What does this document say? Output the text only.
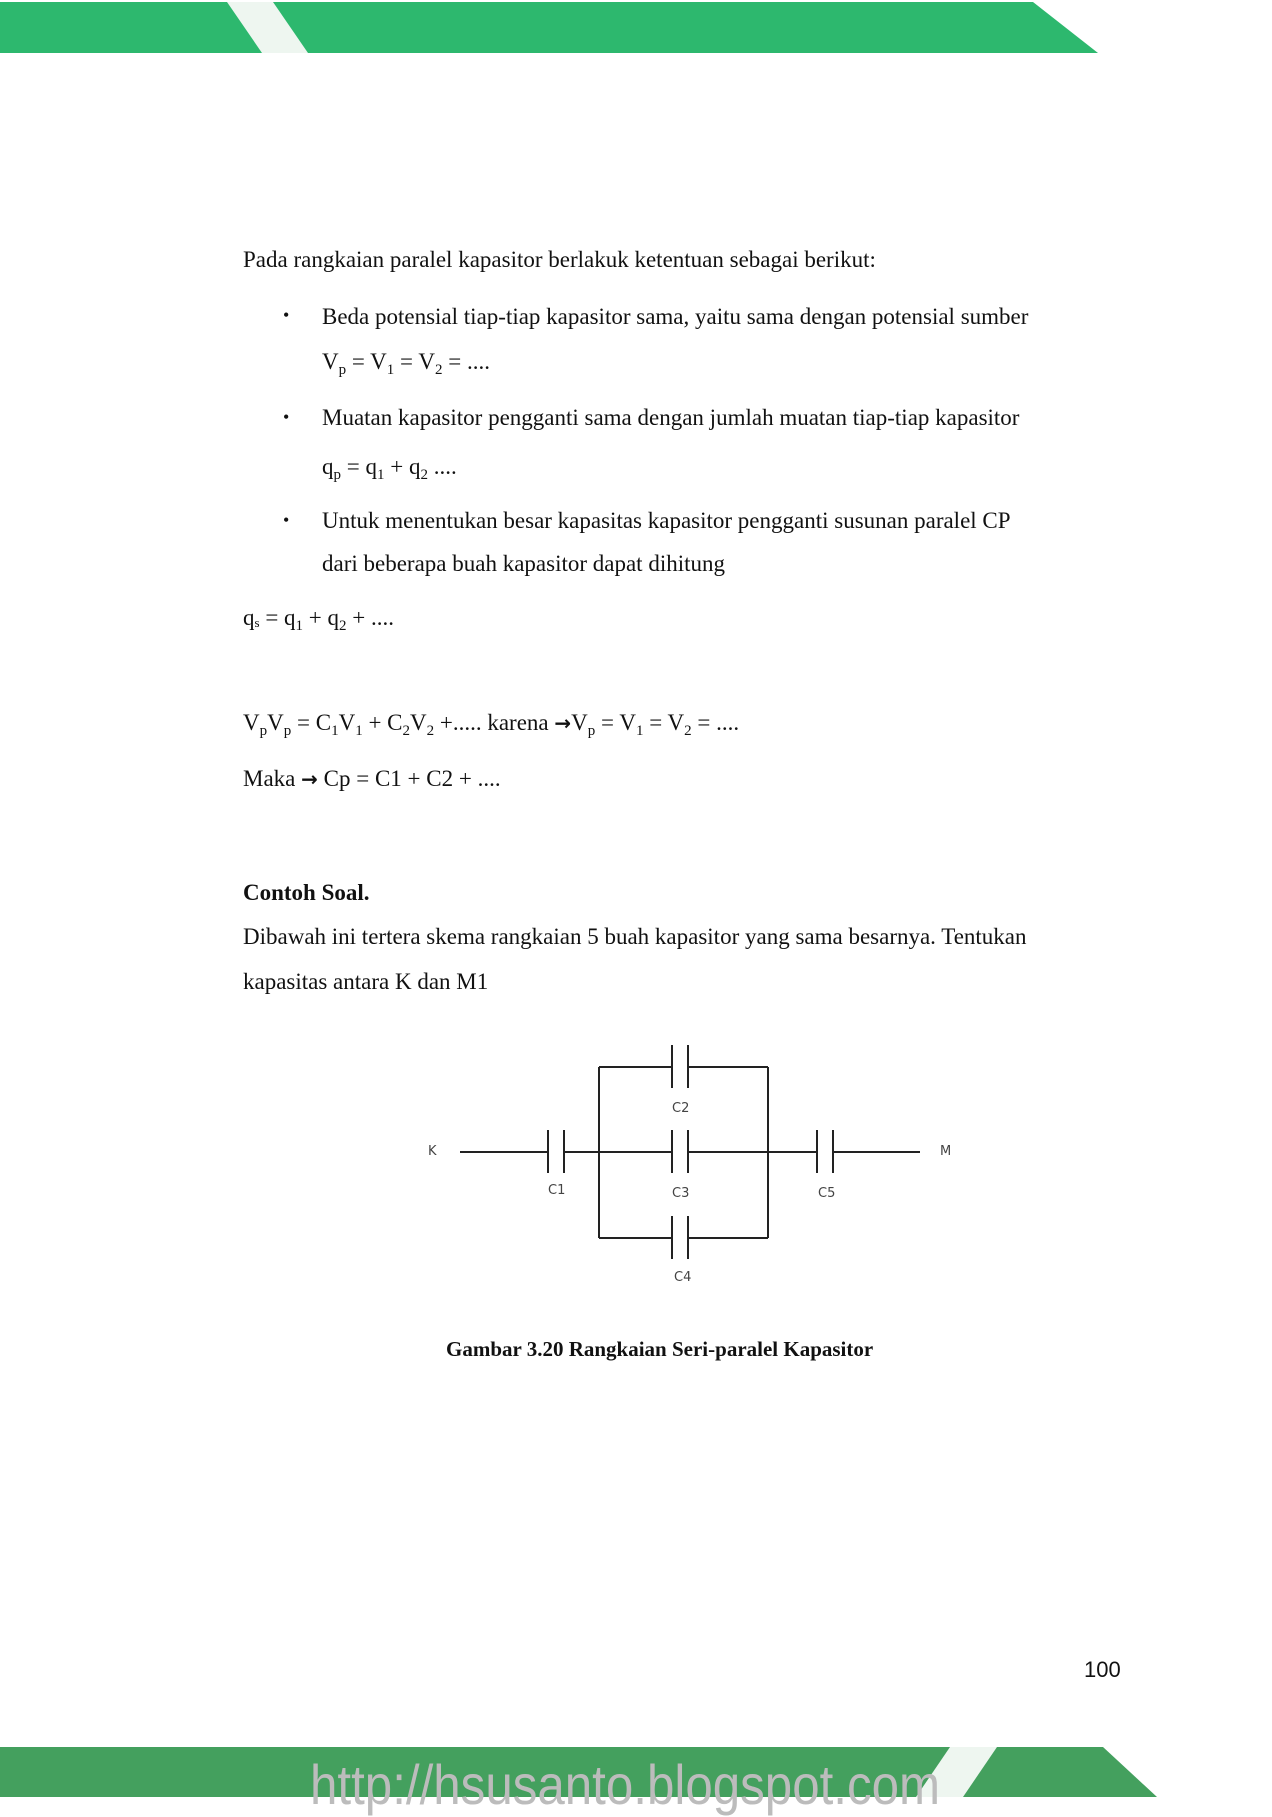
Pada rangkaian paralel kapasitor berlakuk ketentuan sebagai berikut:
• Beda potensial tiap-tiap kapasitor sama, yaitu sama dengan potensial sumber
$V_p = V_1 = V_2$ = ....
• Muatan kapasitor pengganti sama dengan jumlah muatan tiap-tiap kapasitor
$q_p = q_1 + q_2$ ....
• Untuk menentukan besar kapasitas kapasitor pengganti susunan paralel CP
dari beberapa buah kapasitor dapat dihitung
$q_s = q_1 + q_2$ + ....
$V_pV_p = C_1V_1 + C_2V_2$ +..... karena $\to V_p = V_1 = V_2$ = ....
Maka → Cp = C1 + C2 + ....
Contoh Soal.
Dibawah ini tertera skema rangkaian 5 buah kapasitor yang sama besarnya. Tentukan
kapasitas antara K dan M1
K	M
C1
C2
C3
C4
C5
Gambar 3.20 Rangkaian Seri-paralel Kapasitor
100
http://hsusanto.blogspot.com
